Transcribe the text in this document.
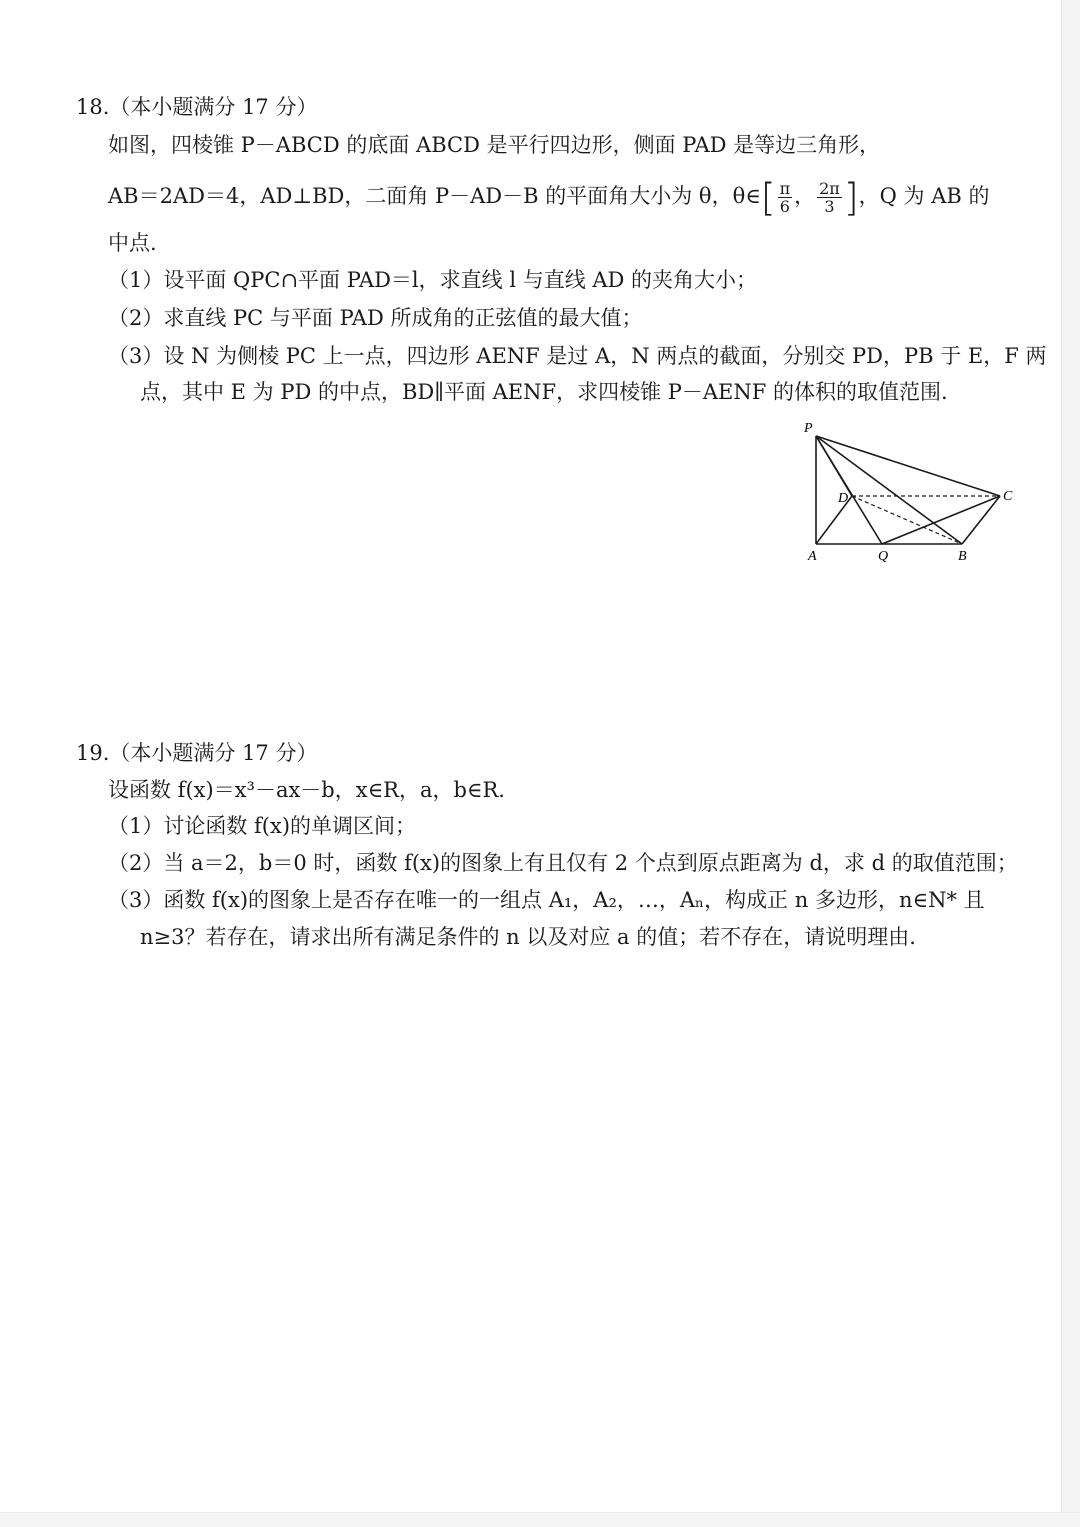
18.（本小题满分 17 分）
如图，四棱锥 P－ABCD 的底面 ABCD 是平行四边形，侧面 PAD 是等边三角形，
AB＝2AD＝4，AD⊥BD，二面角 P－AD－B 的平面角大小为 θ，θ∈[ $\frac{\pi}{6}$ ， $\frac{2\pi}{3}$ ]，Q 为 AB 的
中点.
（1）设平面 QPC∩平面 PAD＝l，求直线 l 与直线 AD 的夹角大小；
（2）求直线 PC 与平面 PAD 所成角的正弦值的最大值；
（3）设 N 为侧棱 PC 上一点，四边形 AENF 是过 A，N 两点的截面，分别交 PD，PB 于 E，F 两
点，其中 E 为 PD 的中点，BD∥平面 AENF，求四棱锥 P－AENF 的体积的取值范围.
P
D	C
A	Q	B
19.（本小题满分 17 分）
设函数 f(x)＝x³－ax－b，x∈R，a，b∈R.
（1）讨论函数 f(x)的单调区间；
（2）当 a＝2，b＝0 时，函数 f(x)的图象上有且仅有 2 个点到原点距离为 d，求 d 的取值范围；
（3）函数 f(x)的图象上是否存在唯一的一组点 A₁，A₂，…，Aₙ，构成正 n 多边形，n∈N* 且
n≥3？若存在，请求出所有满足条件的 n 以及对应 a 的值；若不存在，请说明理由.
